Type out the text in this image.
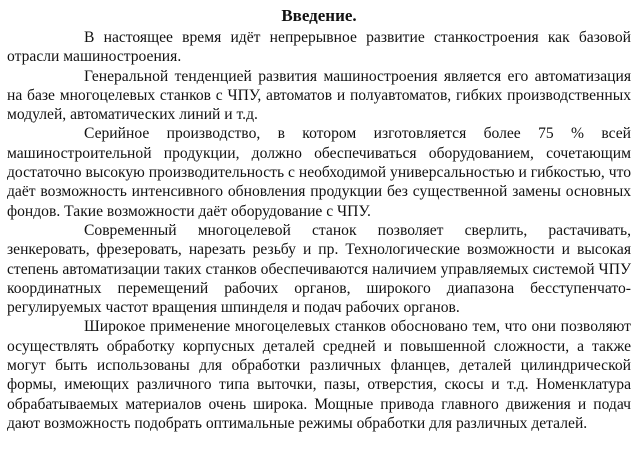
Введение.

В настоящее время идёт непрерывное развитие станкостроения как базовой отрасли машиностроения.

Генеральной тенденцией развития машиностроения является его автоматизация на базе многоцелевых станков с ЧПУ, автоматов и полуавтоматов, гибких производственных модулей, автоматических линий и т.д.

Серийное производство, в котором изготовляется более 75 % всей машиностроительной продукции, должно обеспечиваться оборудованием, сочетающим достаточно высокую производительность с необходимой универсальностью и гибкостью, что даёт возможность интенсивного обновления продукции без существенной замены основных фондов. Такие возможности даёт оборудование с ЧПУ.

Современный многоцелевой станок позволяет сверлить, растачивать, зенкеровать, фрезеровать, нарезать резьбу и пр. Технологические возможности и высокая степень автоматизации таких станков обеспечиваются наличием управляемых системой ЧПУ координатных перемещений рабочих органов, широкого диапазона бесступенчато-регулируемых частот вращения шпинделя и подач рабочих органов.

Широкое применение многоцелевых станков обосновано тем, что они позволяют осуществлять обработку корпусных деталей средней и повышенной сложности, а также могут быть использованы для обработки различных фланцев, деталей цилиндрической формы, имеющих различного типа выточки, пазы, отверстия, скосы и т.д. Номенклатура обрабатываемых материалов очень широка. Мощные привода главного движения и подач дают возможность подобрать оптимальные режимы обработки для различных деталей.
